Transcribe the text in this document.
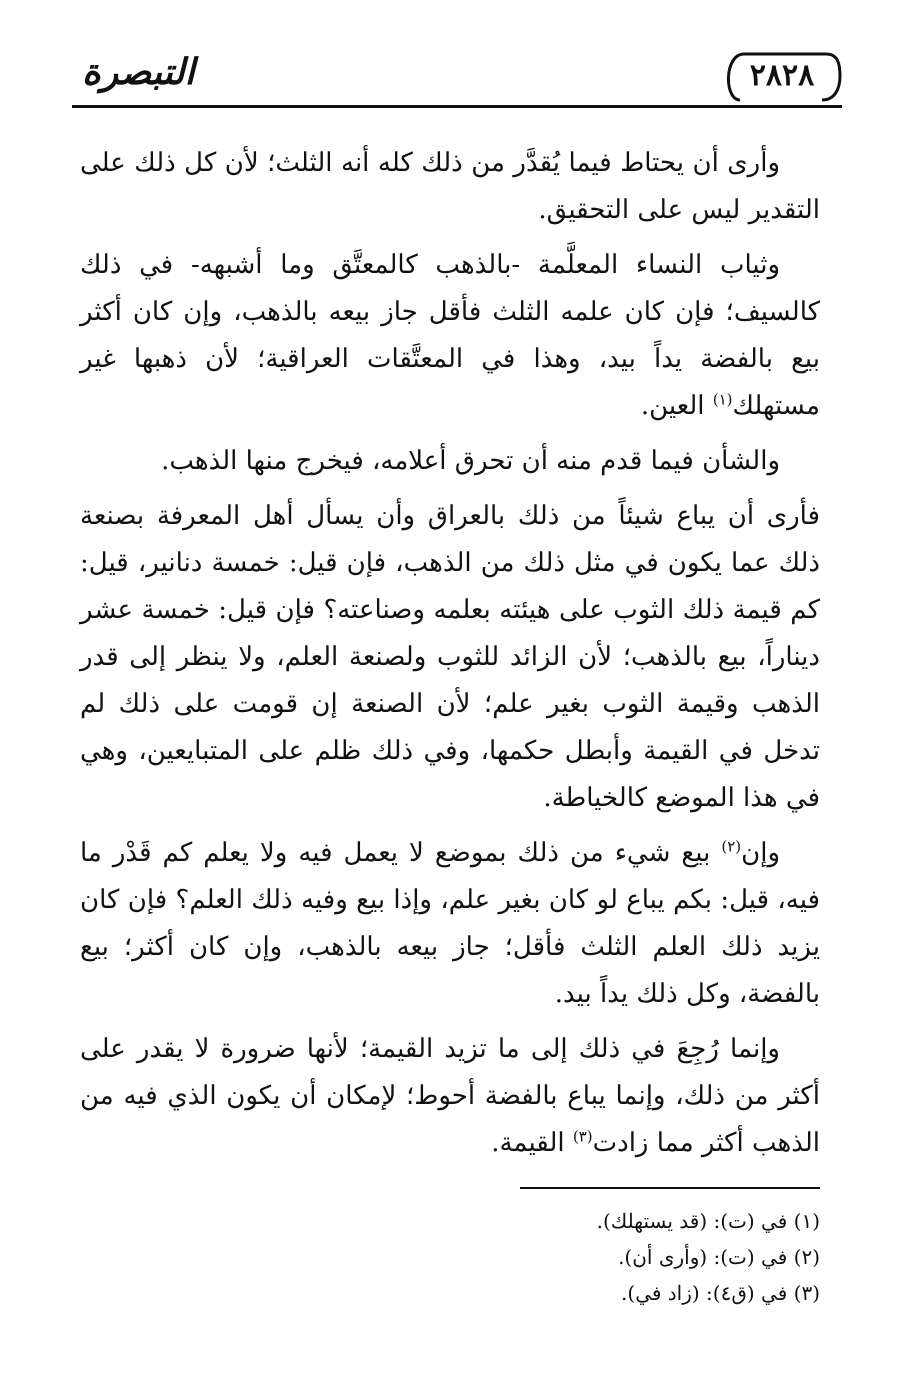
التبصرة	٢٨٢٨

وأرى أن يحتاط فيما يُقدَّر من ذلك كله أنه الثلث؛ لأن كل ذلك على التقدير ليس على التحقيق.

وثياب النساء المعلَّمة -بالذهب كالمعتَّق وما أشبهه- في ذلك كالسيف؛ فإن كان علمه الثلث فأقل جاز بيعه بالذهب، وإن كان أكثر بيع بالفضة يداً بيد، وهذا في المعتَّقات العراقية؛ لأن ذهبها غير مستهلك$^{(١)}$ العين.

والشأن فيما قدم منه أن تحرق أعلامه، فيخرج منها الذهب.

فأرى أن يباع شيئاً من ذلك بالعراق وأن يسأل أهل المعرفة بصنعة ذلك عما يكون في مثل ذلك من الذهب، فإن قيل: خمسة دنانير، قيل: كم قيمة ذلك الثوب على هيئته بعلمه وصناعته؟ فإن قيل: خمسة عشر ديناراً، بيع بالذهب؛ لأن الزائد للثوب ولصنعة العلم، ولا ينظر إلى قدر الذهب وقيمة الثوب بغير علم؛ لأن الصنعة إن قومت على ذلك لم تدخل في القيمة وأبطل حكمها، وفي ذلك ظلم على المتبايعين، وهي في هذا الموضع كالخياطة.

وإن$^{(٢)}$ بيع شيء من ذلك بموضع لا يعمل فيه ولا يعلم كم قَدْر ما فيه، قيل: بكم يباع لو كان بغير علم، وإذا بيع وفيه ذلك العلم؟ فإن كان يزيد ذلك العلم الثلث فأقل؛ جاز بيعه بالذهب، وإن كان أكثر؛ بيع بالفضة، وكل ذلك يداً بيد.

وإنما رُجِعَ في ذلك إلى ما تزيد القيمة؛ لأنها ضرورة لا يقدر على أكثر من ذلك، وإنما يباع بالفضة أحوط؛ لإمكان أن يكون الذي فيه من الذهب أكثر مما زادت$^{(٣)}$ القيمة.

(١) في (ت): (قد يستهلك).

(٢) في (ت): (وأرى أن).

(٣) في (ق٤): (زاد في).
